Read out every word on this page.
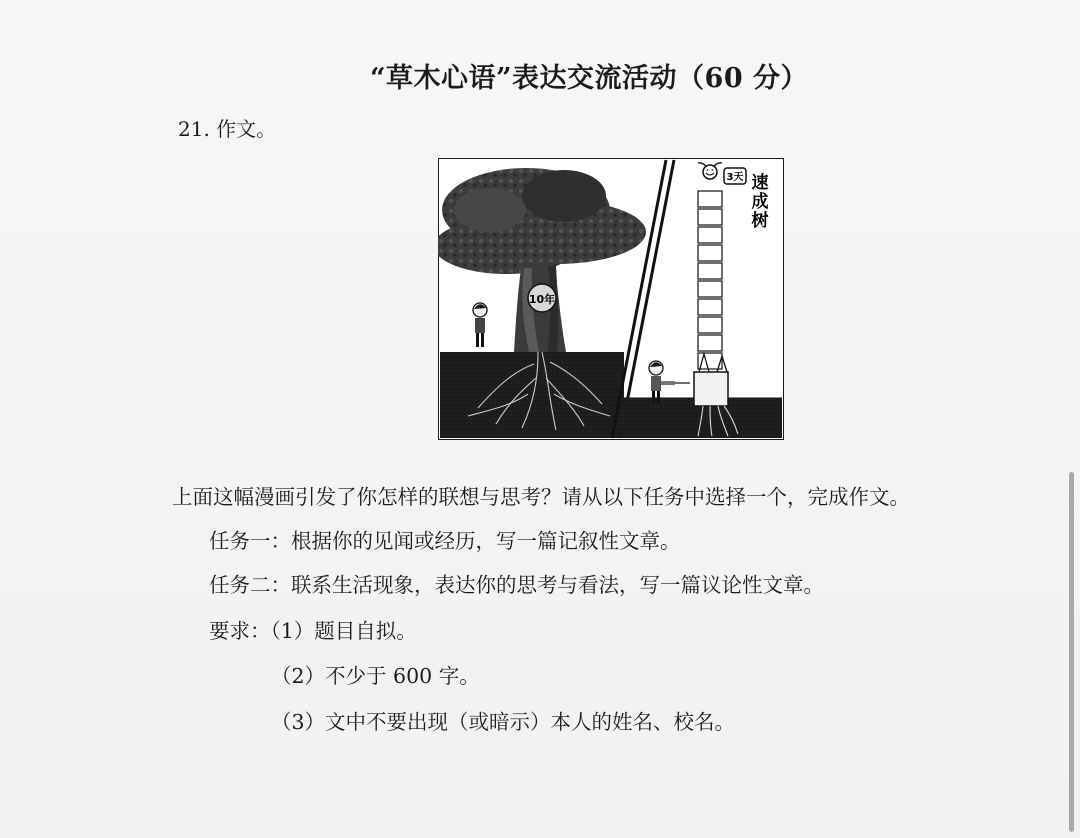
“草木心语”表达交流活动（60 分）
21. 作文。
10年
3天 速
成
树
上面这幅漫画引发了你怎样的联想与思考？请从以下任务中选择一个，完成作文。
任务一：根据你的见闻或经历，写一篇记叙性文章。
任务二：联系生活现象，表达你的思考与看法，写一篇议论性文章。
要求：（1）题目自拟。
（2）不少于 600 字。
（3）文中不要出现（或暗示）本人的姓名、校名。
